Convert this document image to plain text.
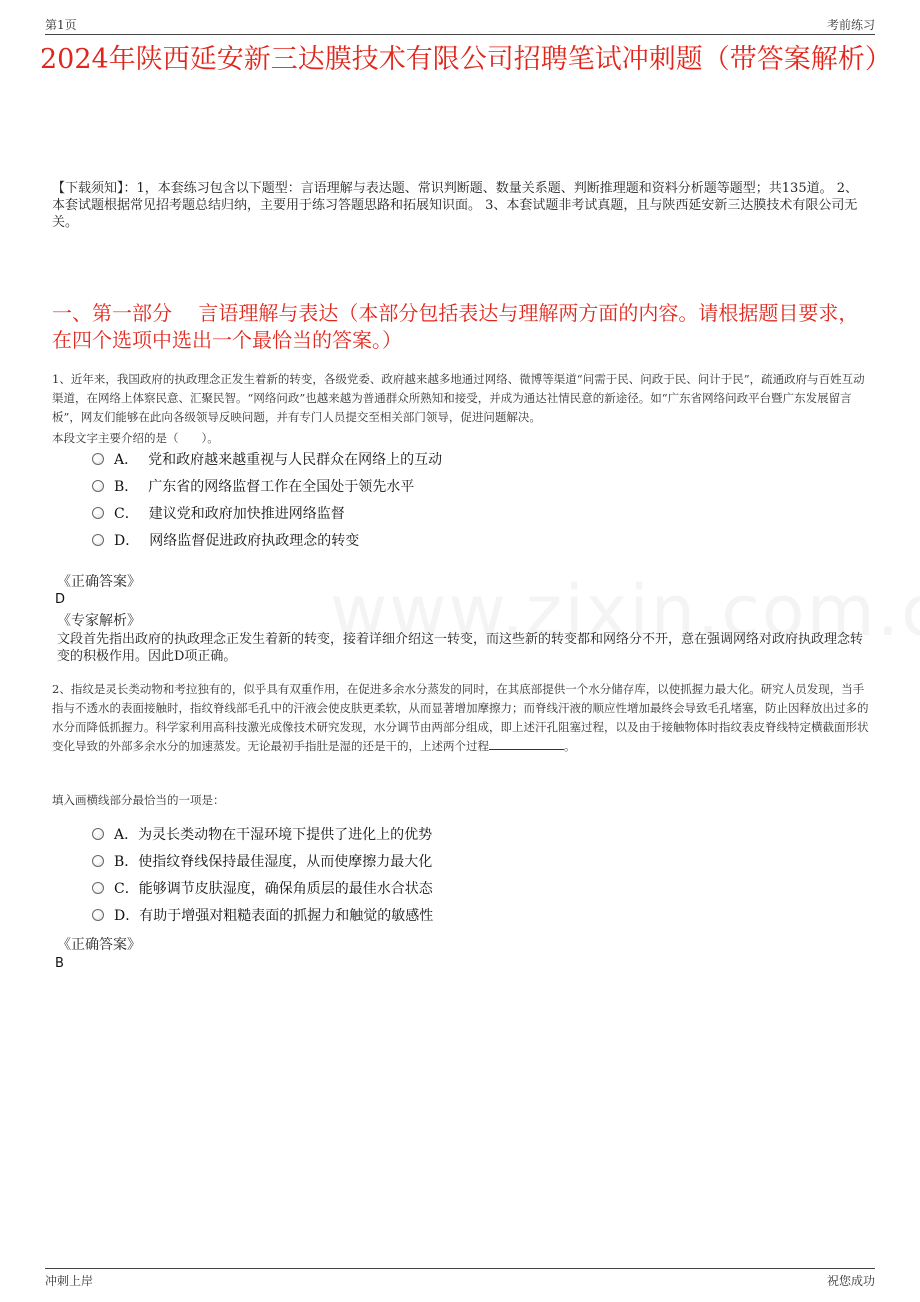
第1页	考前练习
2024年陕西延安新三达膜技术有限公司招聘笔试冲刺题（带答案解析）
【下载须知】：1，本套练习包含以下题型：言语理解与表达题、常识判断题、数量关系题、判断推理题和资料分析题等题型；共135道。 2、本套试题根据常见招考题总结归纳，主要用于练习答题思路和拓展知识面。 3、本套试题非考试真题，且与陕西延安新三达膜技术有限公司无关。
一、第一部分　 言语理解与表达（本部分包括表达与理解两方面的内容。请根据题目要求，在四个选项中选出一个最恰当的答案。）
1、近年来，我国政府的执政理念正发生着新的转变，各级党委、政府越来越多地通过网络、微博等渠道“问需于民、问政于民、问计于民”，疏通政府与百姓互动渠道，在网络上体察民意、汇聚民智。“网络问政”也越来越为普通群众所熟知和接受，并成为通达社情民意的新途径。如“广东省网络问政平台暨广东发展留言板”，网友们能够在此向各级领导反映问题，并有专门人员提交至相关部门领导，促进问题解决。
本段文字主要介绍的是（　　）。
A． 党和政府越来越重视与人民群众在网络上的互动
B． 广东省的网络监督工作在全国处于领先水平
C． 建议党和政府加快推进网络监督
D． 网络监督促进政府执政理念的转变
《正确答案》
D
《专家解析》
文段首先指出政府的执政理念正发生着新的转变，接着详细介绍这一转变，而这些新的转变都和网络分不开，意在强调网络对政府执政理念转变的积极作用。因此D项正确。
2、指纹是灵长类动物和考拉独有的，似乎具有双重作用，在促进多余水分蒸发的同时，在其底部提供一个水分储存库，以使抓握力最大化。研究人员发现，当手指与不透水的表面接触时，指纹脊线部毛孔中的汗液会使皮肤更柔软，从而显著增加摩擦力；而脊线汗液的顺应性增加最终会导致毛孔堵塞，防止因释放出过多的水分而降低抓握力。科学家利用高科技激光成像技术研究发现，水分调节由两部分组成，即上述汗孔阻塞过程，以及由于接触物体时指纹表皮脊线特定横截面形状变化导致的外部多余水分的加速蒸发。无论最初手指肚是湿的还是干的，上述两个过程	。
填入画横线部分最恰当的一项是：
A．为灵长类动物在干湿环境下提供了进化上的优势
B．使指纹脊线保持最佳湿度，从而使摩擦力最大化
C．能够调节皮肤湿度，确保角质层的最佳水合状态
D．有助于增强对粗糙表面的抓握力和触觉的敏感性
《正确答案》
B
冲刺上岸	祝您成功
